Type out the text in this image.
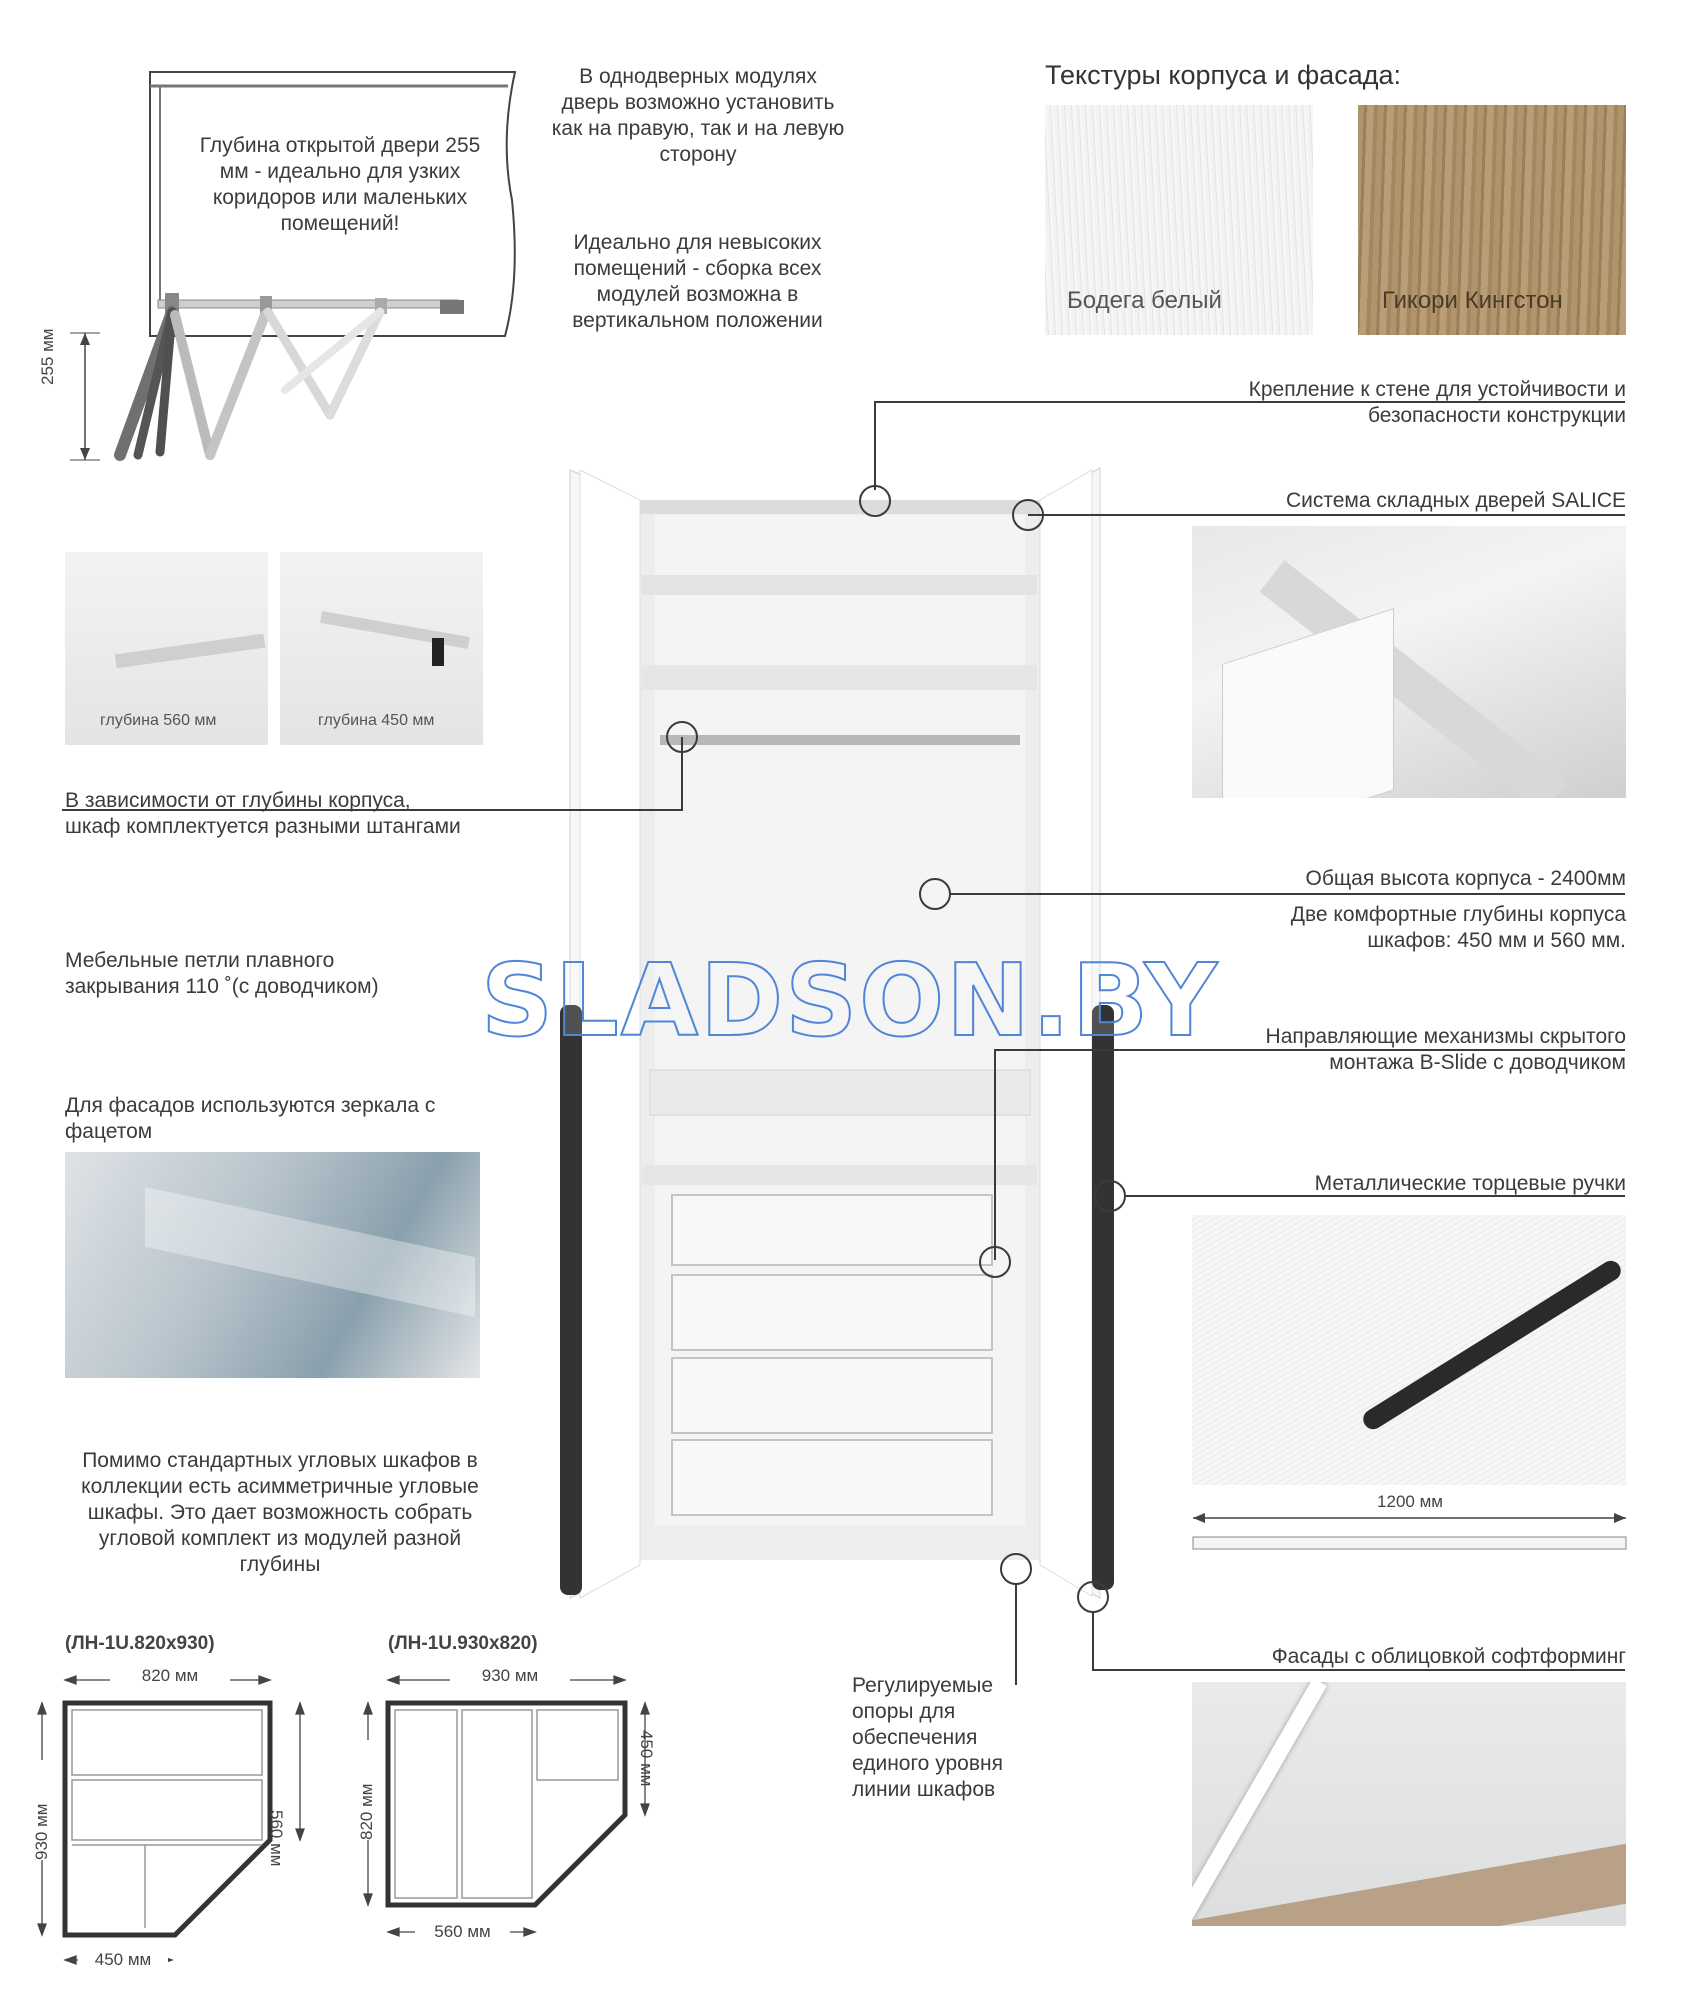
255 мм
Глубина открытой двери 255 мм - идеально для узких коридоров или маленьких помещений!
В однодверных модулях дверь возможно установить как на правую, так и на левую сторону
Идеально для невысоких помещений - сборка всех модулей возможна в вертикальном положении
Текстуры корпуса и фасада:
Бодега белый	Гикори Кингстон
Крепление к стене для устойчивости и безопасности конструкции
Система складных дверей SALICE
глубина 560 мм	глубина 450 мм
В зависимости от глубины корпуса, шкаф комплектуется разными штангами
Общая высота корпуса - 2400мм
Две комфортные глубины корпуса шкафов: 450 мм и 560 мм.
Мебельные петли плавного закрывания 110 ˚(с доводчиком)
Направляющие механизмы скрытого монтажа B-Slide с доводчиком
Для фасадов используются зеркала с фацетом
Металлические торцевые ручки
1200 мм
Помимо стандартных угловых шкафов в коллекции есть асимметричные угловые шкафы. Это дает возможность собрать угловой комплект из модулей разной глубины
Фасады с облицовкой софтформинг
Регулируемые опоры для обеспечения единого уровня линии шкафов
(ЛН-1U.820x930)	(ЛН-1U.930x820)
820 мм
560 мм
930 мм
450 мм
930 мм
450 мм
820 мм
560 мм
SLADSON.BY
